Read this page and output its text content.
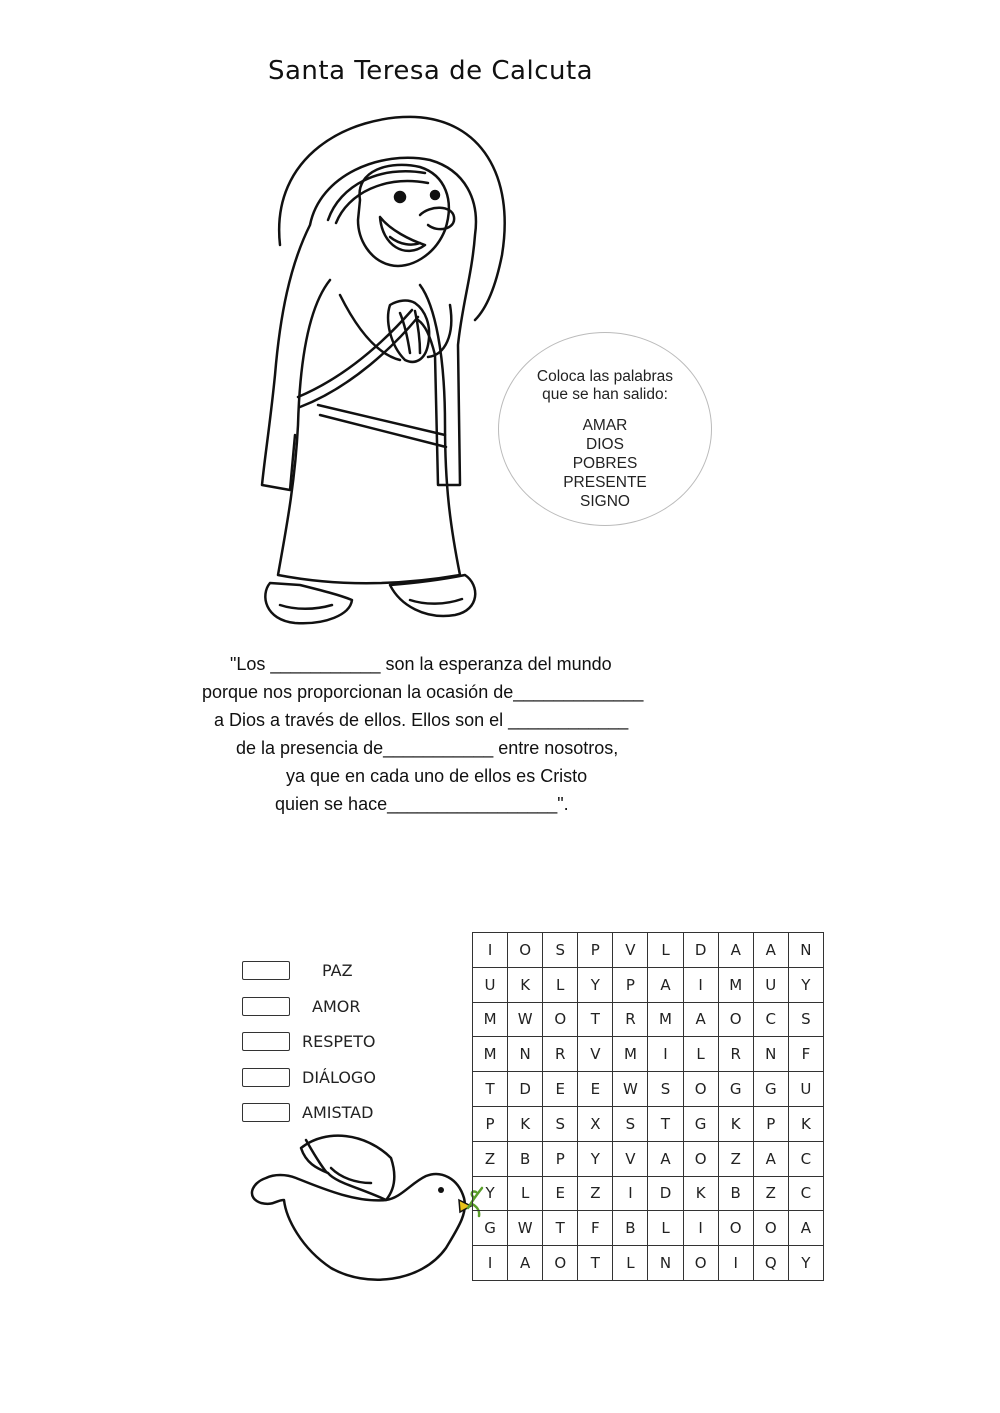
Santa Teresa de Calcuta
Coloca las palabras
que se han salido:
AMAR
DIOS
POBRES
PRESENTE
SIGNO
"Los ___________ son la esperanza del mundo
porque nos proporcionan la ocasión de_____________
a Dios a través de ellos. Ellos son el ____________
de la presencia de___________ entre nosotros,
ya que en cada uno de ellos es Cristo
quien se hace_________________".
PAZ
AMOR
RESPETO
DIÁLOGO
AMISTAD
I	O	S	P	V	L	D	A	A	N
U	K	L	Y	P	A	I	M	U	Y
M	W	O	T	R	M	A	O	C	S
M	N	R	V	M	I	L	R	N	F
T	D	E	E	W	S	O	G	G	U
P	K	S	X	S	T	G	K	P	K
Z	B	P	Y	V	A	O	Z	A	C
Y	L	E	Z	I	D	K	B	Z	C
G	W	T	F	B	L	I	O	O	A
I	A	O	T	L	N	O	I	Q	Y
